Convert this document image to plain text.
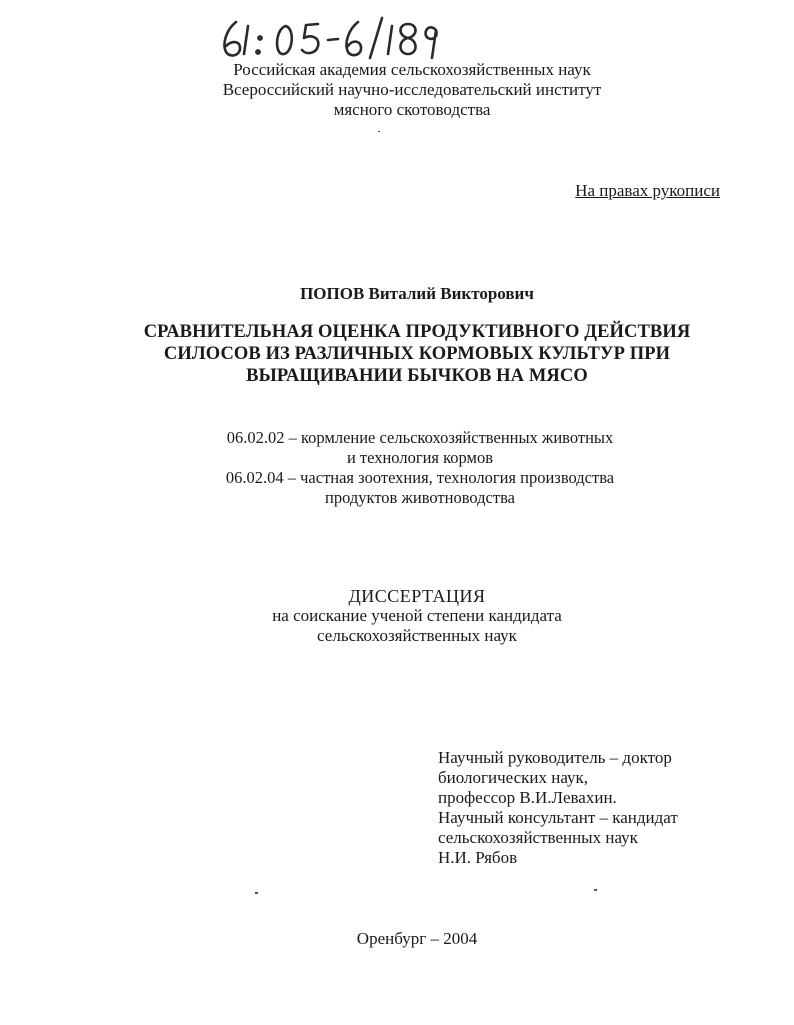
Российская академия сельскохозяйственных наук
Всероссийский научно-исследовательский институт
мясного скотоводства
На правах рукописи
ПОПОВ Виталий Викторович
СРАВНИТЕЛЬНАЯ ОЦЕНКА ПРОДУКТИВНОГО ДЕЙСТВИЯ
СИЛОСОВ ИЗ РАЗЛИЧНЫХ КОРМОВЫХ КУЛЬТУР ПРИ
ВЫРАЩИВАНИИ БЫЧКОВ НА МЯСО
06.02.02 – кормление сельскохозяйственных животных
и технология кормов
06.02.04 – частная зоотехния, технология производства
продуктов животноводства
ДИССЕРТАЦИЯ
на соискание ученой степени кандидата
сельскохозяйственных наук
Научный руководитель – доктор
биологических наук,
профессор В.И.Левахин.
Научный консультант – кандидат
сельскохозяйственных наук
Н.И. Рябов
Оренбург – 2004
